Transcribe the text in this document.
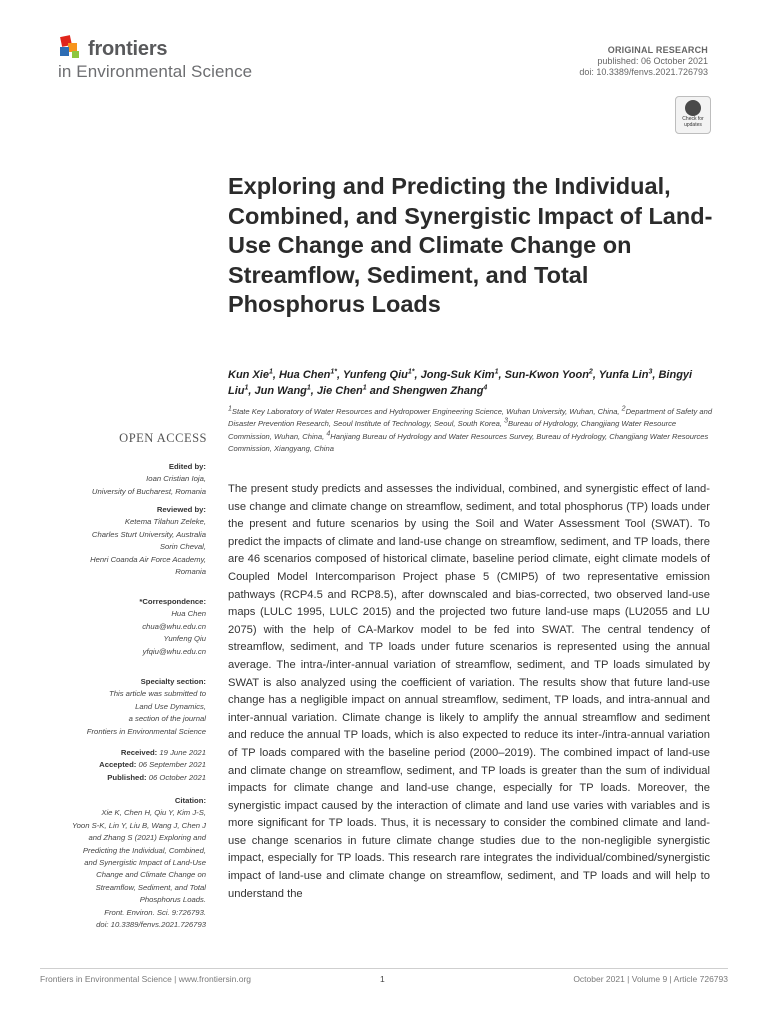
frontiers
in Environmental Science
ORIGINAL RESEARCH
published: 06 October 2021
doi: 10.3389/fenvs.2021.726793
Check for updates
Exploring and Predicting the Individual, Combined, and Synergistic Impact of Land-Use Change and Climate Change on Streamflow, Sediment, and Total Phosphorus Loads
Kun Xie$^1$, Hua Chen$^{1*}$, Yunfeng Qiu$^{1*}$, Jong-Suk Kim$^1$, Sun-Kwon Yoon$^2$, Yunfa Lin$^3$, Bingyi Liu$^1$, Jun Wang$^1$, Jie Chen$^1$ and Shengwen Zhang$^4$
$^1$State Key Laboratory of Water Resources and Hydropower Engineering Science, Wuhan University, Wuhan, China, $^2$Department of Safety and Disaster Prevention Research, Seoul Institute of Technology, Seoul, South Korea, $^3$Bureau of Hydrology, Changjiang Water Resource Commission, Wuhan, China, $^4$Hanjiang Bureau of Hydrology and Water Resources Survey, Bureau of Hydrology, Changjiang Water Resources Commission, Xiangyang, China
OPEN ACCESS
Edited by:
Ioan Cristian Ioja,
University of Bucharest, Romania
Reviewed by:
Ketema Tilahun Zeleke,
Charles Sturt University, Australia
Sorin Cheval,
Henri Coanda Air Force Academy,
Romania
*Correspondence:
Hua Chen
chua@whu.edu.cn
Yunfeng Qiu
yfqiu@whu.edu.cn
Specialty section:
This article was submitted to
Land Use Dynamics,
a section of the journal
Frontiers in Environmental Science
Received: 19 June 2021
Accepted: 06 September 2021
Published: 06 October 2021
Citation:
Xie K, Chen H, Qiu Y, Kim J-S,
Yoon S-K, Lin Y, Liu B, Wang J, Chen J
and Zhang S (2021) Exploring and
Predicting the Individual, Combined,
and Synergistic Impact of Land-Use
Change and Climate Change on
Streamflow, Sediment, and Total
Phosphorus Loads.
Front. Environ. Sci. 9:726793.
doi: 10.3389/fenvs.2021.726793
The present study predicts and assesses the individual, combined, and synergistic effect of land-use change and climate change on streamflow, sediment, and total phosphorus (TP) loads under the present and future scenarios by using the Soil and Water Assessment Tool (SWAT). To predict the impacts of climate and land-use change on streamflow, sediment, and TP loads, there are 46 scenarios composed of historical climate, baseline period climate, eight climate models of Coupled Model Intercomparison Project phase 5 (CMIP5) of two representative emission pathways (RCP4.5 and RCP8.5), after downscaled and bias-corrected, two observed land-use maps (LULC 1995, LULC 2015) and the projected two future land-use maps (LU2055 and LU 2075) with the help of CA-Markov model to be fed into SWAT. The central tendency of streamflow, sediment, and TP loads under future scenarios is represented using the annual average. The intra-/inter-annual variation of streamflow, sediment, and TP loads simulated by SWAT is also analyzed using the coefficient of variation. The results show that future land-use change has a negligible impact on annual streamflow, sediment, TP loads, and intra-annual and inter-annual variation. Climate change is likely to amplify the annual streamflow and sediment and reduce the annual TP loads, which is also expected to reduce its inter-/intra-annual variation of TP loads compared with the baseline period (2000–2019). The combined impact of land-use and climate change on streamflow, sediment, and TP loads is greater than the sum of individual impacts for climate change and land-use change, especially for TP loads. Moreover, the synergistic impact caused by the interaction of climate and land use varies with variables and is more significant for TP loads. Thus, it is necessary to consider the combined climate and land-use change scenarios in future climate change studies due to the non-negligible synergistic impact, especially for TP loads. This research rare integrates the individual/combined/synergistic impact of land-use and climate change on streamflow, sediment, and TP loads and will help to understand the
Frontiers in Environmental Science | www.frontiersin.org	1	October 2021 | Volume 9 | Article 726793
